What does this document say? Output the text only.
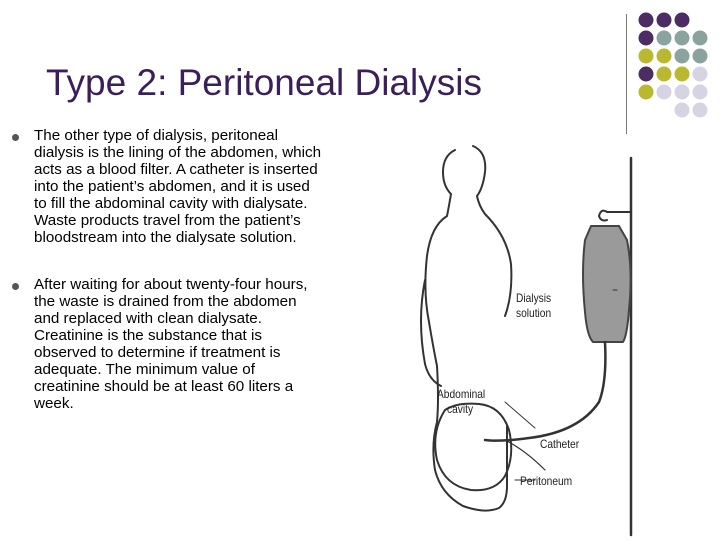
Type 2: Peritoneal Dialysis

The other type of dialysis, peritoneal dialysis is the lining of the abdomen, which acts as a blood filter. A catheter is inserted into the patient’s abdomen, and it is used to fill the abdominal cavity with dialysate. Waste products travel from the patient’s bloodstream into the dialysate solution.

After waiting for about twenty-four hours, the waste is drained from the abdomen and replaced with clean dialysate. Creatinine is the substance that is observed to determine if treatment is adequate. The minimum value of creatinine should be at least 60 liters a week.

Dialysis
solution
Abdominal
cavity
Catheter
Peritoneum
